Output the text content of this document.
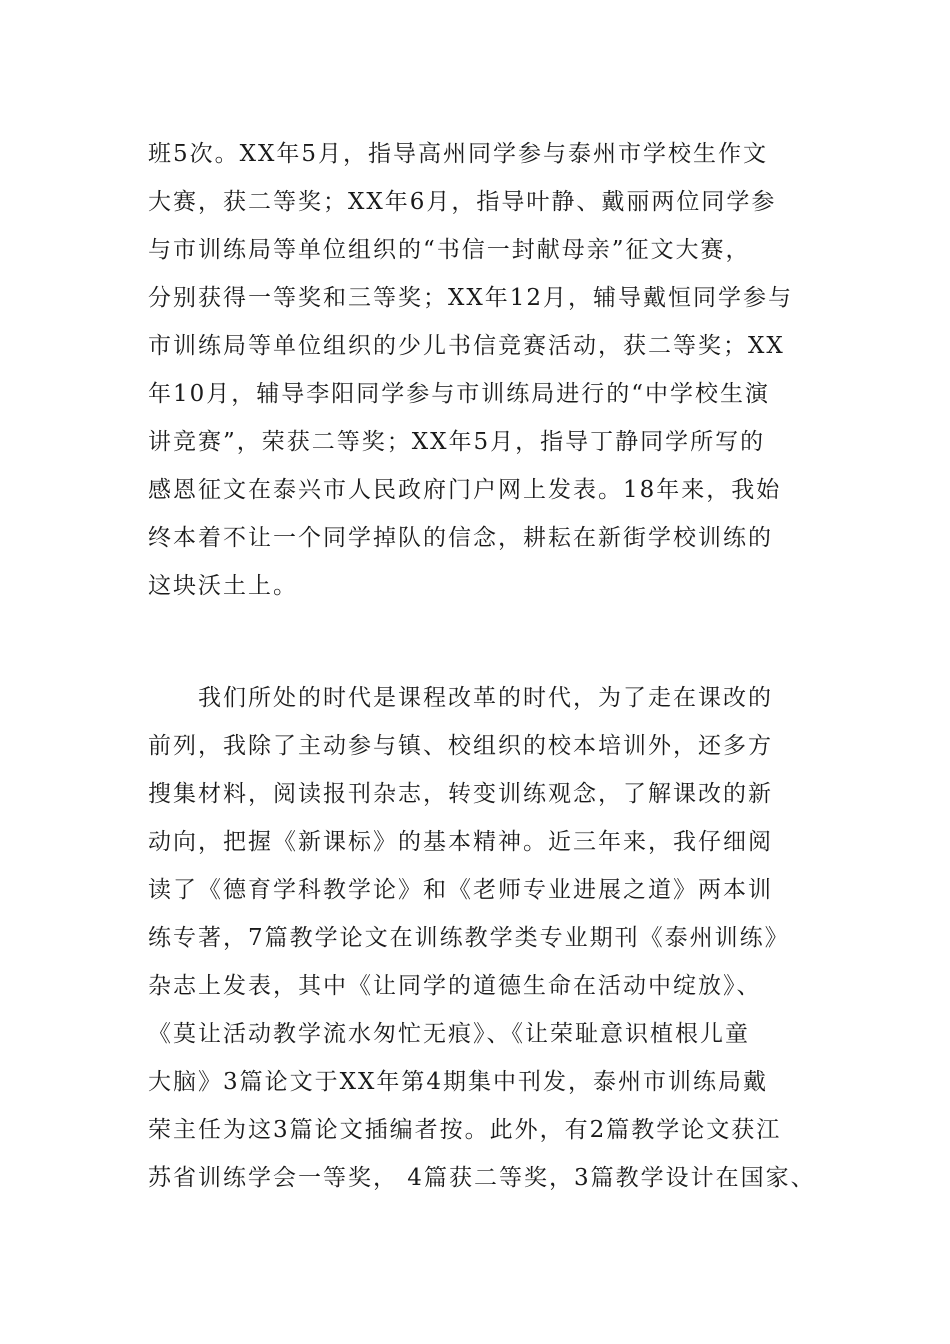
班5次。XX年5月，指导高州同学参与泰州市学校生作文
大赛，获二等奖；XX年6月，指导叶静、戴丽两位同学参
与市训练局等单位组织的“书信一封献母亲”征文大赛，
分别获得一等奖和三等奖；XX年12月，辅导戴恒同学参与
市训练局等单位组织的少儿书信竞赛活动，获二等奖；XX
年10月，辅导李阳同学参与市训练局进行的“中学校生演
讲竞赛”，荣获二等奖；XX年5月，指导丁静同学所写的
感恩征文在泰兴市人民政府门户网上发表。18年来，我始
终本着不让一个同学掉队的信念，耕耘在新街学校训练的
这块沃土上。
我们所处的时代是课程改革的时代，为了走在课改的
前列，我除了主动参与镇、校组织的校本培训外，还多方
搜集材料，阅读报刊杂志，转变训练观念，了解课改的新
动向，把握《新课标》的基本精神。近三年来，我仔细阅
读了《德育学科教学论》和《老师专业进展之道》两本训
练专著，7篇教学论文在训练教学类专业期刊《泰州训练》
杂志上发表，其中《让同学的道德生命在活动中绽放》、
《莫让活动教学流水匆忙无痕》、《让荣耻意识植根儿童
大脑》3篇论文于XX年第4期集中刊发，泰州市训练局戴
荣主任为这3篇论文插编者按。此外，有2篇教学论文获江
苏省训练学会一等奖， 4篇获二等奖，3篇教学设计在国家、
